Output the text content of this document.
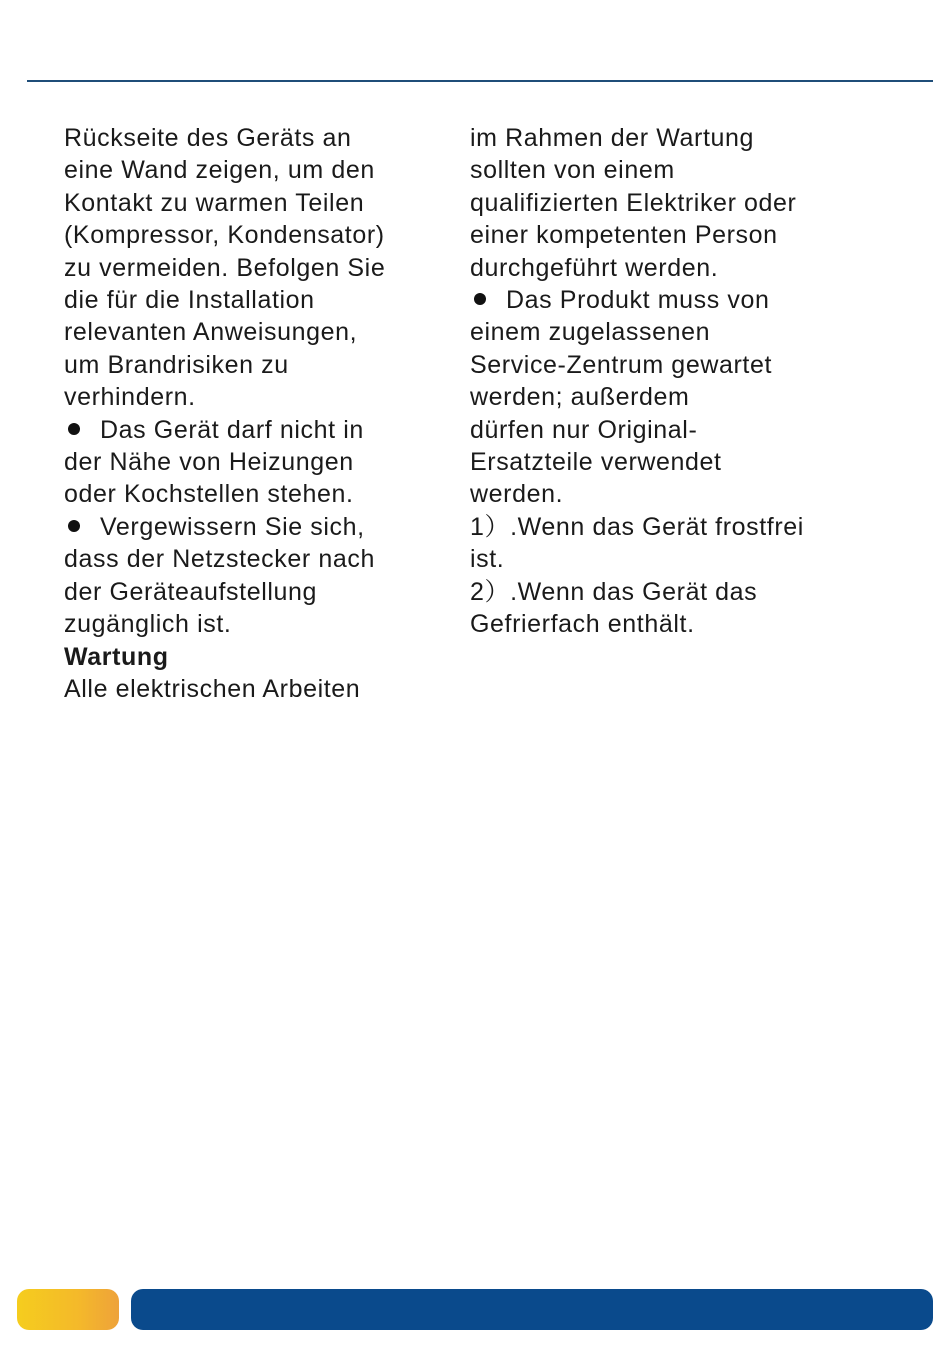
Rückseite des Geräts an
eine Wand zeigen, um den
Kontakt zu warmen Teilen
(Kompressor, Kondensator)
zu vermeiden. Befolgen Sie
die für die Installation
relevanten Anweisungen,
um Brandrisiken zu
verhindern.
Das Gerät darf nicht in
der Nähe von Heizungen
oder Kochstellen stehen.
Vergewissern Sie sich,
dass der Netzstecker nach
der Geräteaufstellung
zugänglich ist.
Wartung
Alle elektrischen Arbeiten
im Rahmen der Wartung
sollten von einem
qualifizierten Elektriker oder
einer kompetenten Person
durchgeführt werden.
Das Produkt muss von
einem zugelassenen
Service-Zentrum gewartet
werden; außerdem
dürfen nur Original-
Ersatzteile verwendet
werden.
1）.Wenn das Gerät frostfrei
ist.
2）.Wenn das Gerät das
Gefrierfach enthält.
